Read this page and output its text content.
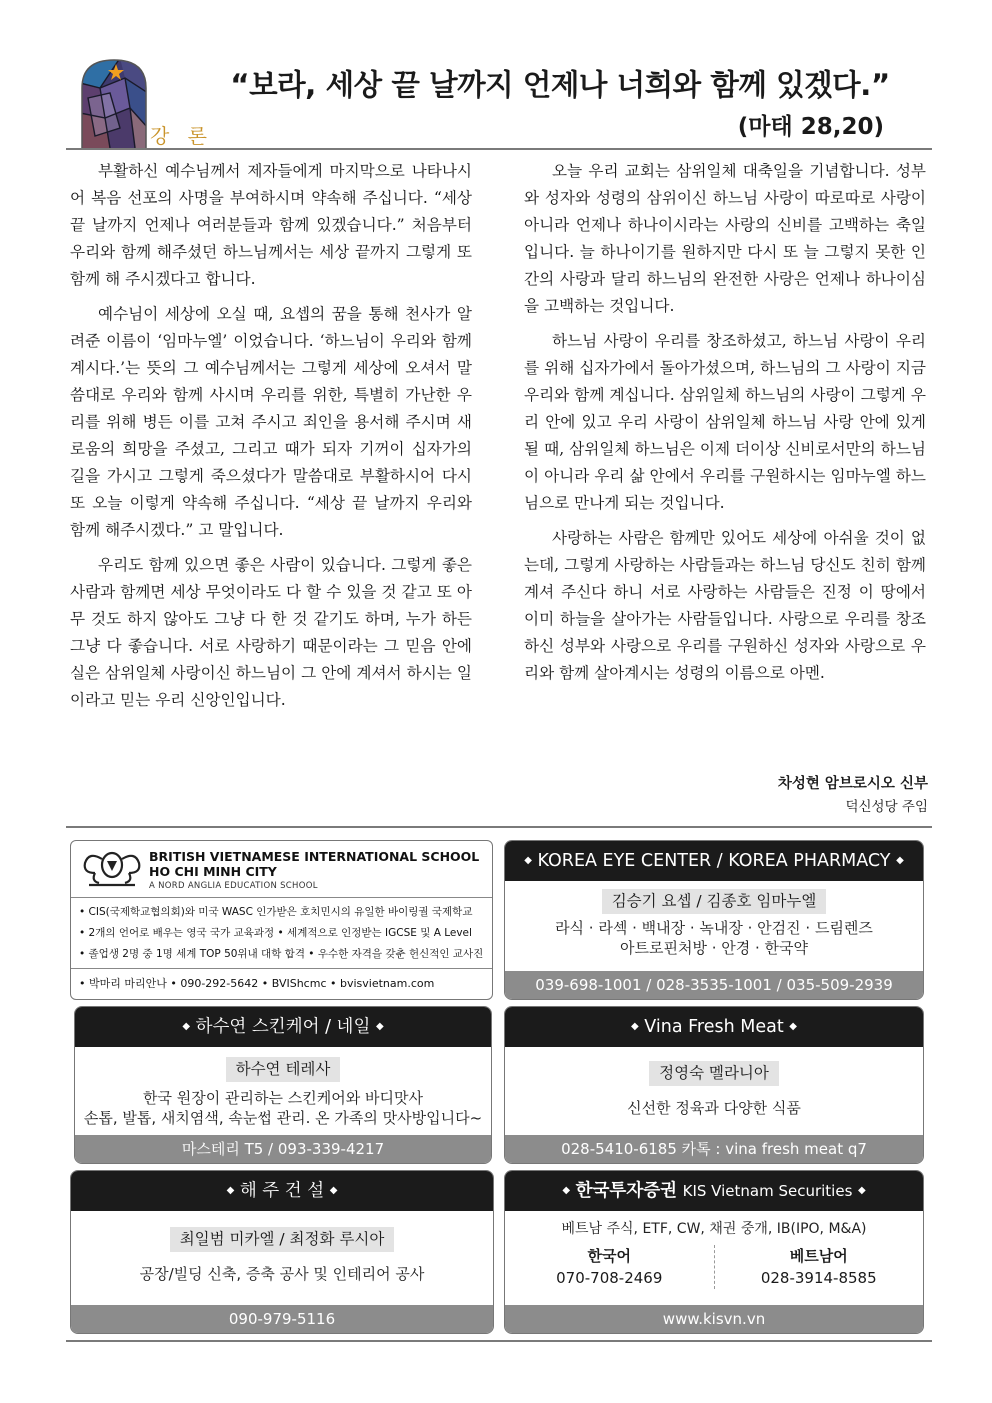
강 론
“보라, 세상 끝 날까지 언제나 너희와 함께 있겠다.”
(마태 28,20)

부활하신 예수님께서 제자들에게 마지막으로 나타나시어 복음 선포의 사명을 부여하시며 약속해 주십니다. “세상 끝 날까지 언제나 여러분들과 함께 있겠습니다.” 처음부터 우리와 함께 해주셨던 하느님께서는 세상 끝까지 그렇게 또 함께 해 주시겠다고 합니다.

예수님이 세상에 오실 때, 요셉의 꿈을 통해 천사가 알려준 이름이 ‘임마누엘’ 이었습니다. ‘하느님이 우리와 함께 계시다.’는 뜻의 그 예수님께서는 그렇게 세상에 오셔서 말씀대로 우리와 함께 사시며 우리를 위한, 특별히 가난한 우리를 위해 병든 이를 고쳐 주시고 죄인을 용서해 주시며 새로움의 희망을 주셨고, 그리고 때가 되자 기꺼이 십자가의 길을 가시고 그렇게 죽으셨다가 말씀대로 부활하시어 다시 또 오늘 이렇게 약속해 주십니다. “세상 끝 날까지 우리와 함께 해주시겠다.” 고 말입니다.

우리도 함께 있으면 좋은 사람이 있습니다. 그렇게 좋은 사람과 함께면 세상 무엇이라도 다 할 수 있을 것 같고 또 아무 것도 하지 않아도 그냥 다 한 것 같기도 하며, 누가 하든 그냥 다 좋습니다. 서로 사랑하기 때문이라는 그 믿음 안에 실은 삼위일체 사랑이신 하느님이 그 안에 계셔서 하시는 일이라고 믿는 우리 신앙인입니다.

오늘 우리 교회는 삼위일체 대축일을 기념합니다. 성부와 성자와 성령의 삼위이신 하느님 사랑이 따로따로 사랑이 아니라 언제나 하나이시라는 사랑의 신비를 고백하는 축일입니다. 늘 하나이기를 원하지만 다시 또 늘 그렇지 못한 인간의 사랑과 달리 하느님의 완전한 사랑은 언제나 하나이심을 고백하는 것입니다.

하느님 사랑이 우리를 창조하셨고, 하느님 사랑이 우리를 위해 십자가에서 돌아가셨으며, 하느님의 그 사랑이 지금 우리와 함께 계십니다. 삼위일체 하느님의 사랑이 그렇게 우리 안에 있고 우리 사랑이 삼위일체 하느님 사랑 안에 있게 될 때, 삼위일체 하느님은 이제 더이상 신비로서만의 하느님이 아니라 우리 삶 안에서 우리를 구원하시는 임마누엘 하느님으로 만나게 되는 것입니다.

사랑하는 사람은 함께만 있어도 세상에 아쉬울 것이 없는데, 그렇게 사랑하는 사람들과는 하느님 당신도 친히 함께 계셔 주신다 하니 서로 사랑하는 사람들은 진정 이 땅에서 이미 하늘을 살아가는 사람들입니다. 사랑으로 우리를 창조하신 성부와 사랑으로 우리를 구원하신 성자와 사랑으로 우리와 함께 살아계시는 성령의 이름으로 아멘.

차성현 암브로시오 신부
덕신성당 주임
BRITISH VIETNAMESE INTERNATIONAL SCHOOL
HO CHI MINH CITY
A NORD ANGLIA EDUCATION SCHOOL
• CIS(국제학교협의회)와 미국 WASC 인가받은 호치민시의 유일한 바이링궐 국제학교
• 2개의 언어로 배우는 영국 국가 교육과정 • 세계적으로 인정받는 IGCSE 및 A Level
• 졸업생 2명 중 1명 세계 TOP 50위내 대학 합격 • 우수한 자격을 갖춘 헌신적인 교사진
• 박마리 마리안나 • 090-292-5642 • BVIShcmc • bvisvietnam.com
◆ KOREA EYE CENTER / KOREA PHARMACY ◆
김승기 요셉 / 김종호 임마누엘
라식 · 라섹 · 백내장 · 녹내장 · 안검진 · 드림렌즈
아트로핀처방 · 안경 · 한국약
039-698-1001 / 028-3535-1001 / 035-509-2939
◆ 하수연 스킨케어 / 네일 ◆
하수연 테레사
한국 원장이 관리하는 스킨케어와 바디맛사
손톱, 발톱, 새치염색, 속눈썹 관리. 온 가족의 맛사방입니다~
마스테리 T5 / 093-339-4217
◆ Vina Fresh Meat ◆
정영숙 멜라니아
신선한 정육과 다양한 식품
028-5410-6185 카톡 : vina fresh meat q7
◆ 해 주 건 설 ◆
최일범 미카엘 / 최정화 루시아
공장/빌딩 신축, 증축 공사 및 인테리어 공사
090-979-5116
◆ 한국투자증권 KIS Vietnam Securities ◆
베트남 주식, ETF, CW, 채권 중개, IB(IPO, M&A)
한국어
070-708-2469
베트남어
028-3914-8585
www.kisvn.vn
